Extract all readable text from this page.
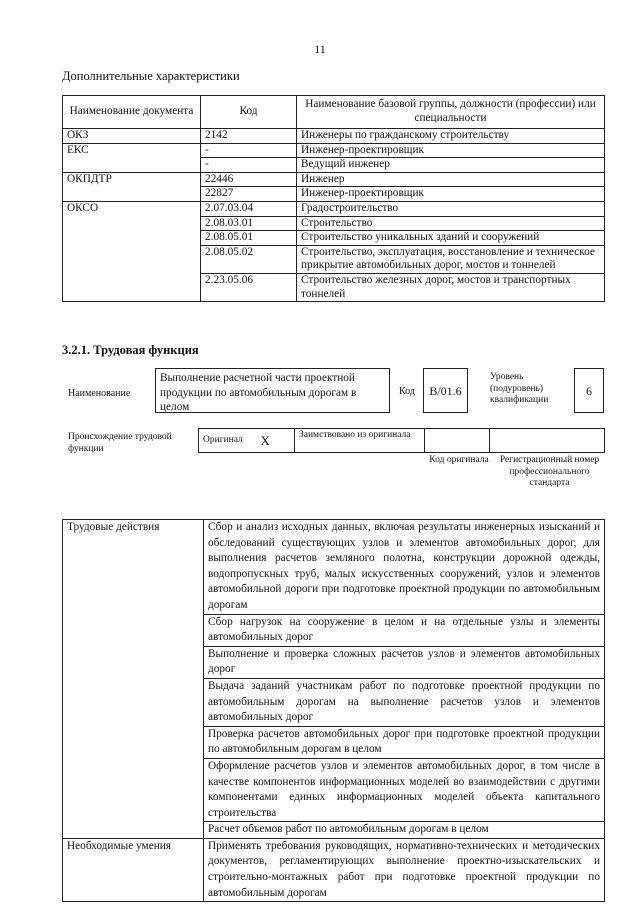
11
Дополнительные характеристики
Наименование документа	Код	Наименование базовой группы, должности (профессии) или специальности
ОКЗ	2142	Инженеры по гражданскому строительству
ЕКС	-	Инженер-проектировщик
	-	Ведущий инженер
ОКПДТР	22446	Инженер
	22827	Инженер-проектировщик
ОКСО	2.07.03.04	Градостроительство
	2.08.03.01	Строительство
	2.08.05.01	Строительство уникальных зданий и сооружений
	2.08.05.02	Строительство, эксплуатация, восстановление и техническое прикрытие автомобильных дорог, мостов и тоннелей
	2.23.05.06	Строительство железных дорог, мостов и транспортных тоннелей
3.2.1. Трудовая функция
Наименование
Выполнение расчетной части проектной продукции по автомобильным дорогам в целом
Код	B/01.6
Уровень (подуровень) квалификации
6
Происхождение трудовой функции
Оригинал	X	Заимствовано из оригинала		
Код оригинала	Регистрационный номер профессионального стандарта
Трудовые действия	Сбор и анализ исходных данных, включая результаты инженерных изысканий и обследований существующих узлов и элементов автомобильных дорог, для выполнения расчетов земляного полотна, конструкции дорожной одежды, водопропускных труб, малых искусственных сооружений, узлов и элементов автомобильной дороги при подготовке проектной продукции по автомобильным дорогам
	Сбор нагрузок на сооружение в целом и на отдельные узлы и элементы автомобильных дорог
	Выполнение и проверка сложных расчетов узлов и элементов автомобильных дорог
	Выдача заданий участникам работ по подготовке проектной продукции по автомобильным дорогам на выполнение расчетов узлов и элементов автомобильных дорог
	Проверка расчетов автомобильных дорог при подготовке проектной продукции по автомобильным дорогам в целом
	Оформление расчетов узлов и элементов автомобильных дорог, в том числе в качестве компонентов информационных моделей во взаимодействии с другими компонентами единых информационных моделей объекта капитального строительства
	Расчет объемов работ по автомобильным дорогам в целом
Необходимые умения	Применять требования руководящих, нормативно-технических и методических документов, регламентирующих выполнение проектно-изыскательских и строительно-монтажных работ при подготовке проектной продукции по автомобильным дорогам
